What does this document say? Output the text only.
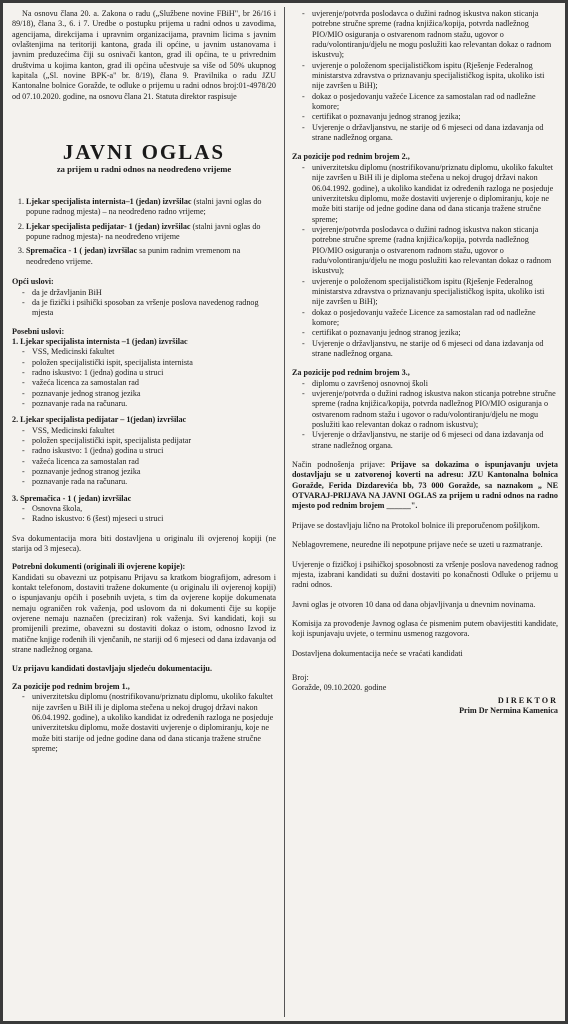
Na osnovu člana 20. a. Zakona o radu („Službene novine FBiH", br 26/16 i 89/18), člana 3., 6. i 7. Uredbe o postupku prijema u radni odnos u zavodima, agencijama, direkcijama i upravnim organizacijama, pravnim licima s javnim ovlaštenjima na teritoriji kantona, grada ili općine, u javnim ustanovama i javnim preduzećima čiji su osnivači kanton, grad ili općina, te u privrednim društvima u kojima kanton, grad ili općina učestvuje sa više od 50% ukupnog kapitala („Sl. novine BPK-a" br. 8/19), člana 9. Pravilnika o radu JZU Kantonalne bolnice Goražde, te odluke o prijemu u radni odnos broj:01-4978/20 od 07.10.2020. godine, na osnovu člana 21. Statuta direktor raspisuje

JAVNI OGLAS
za prijem u radni odnos na neodređeno vrijeme
1. Ljekar specijalista internista–1 (jedan) izvršilac (stalni javni oglas do popune radnog mjesta) – na neodređeno radno vrijeme;
2. Ljekar specijalista pedijatar- 1 (jedan) izvršilac (stalni javni oglas do popune radnog mjesta)- na neodređeno vrijeme
3. Spremačica - 1 ( jedan) izvršilac sa punim radnim vremenom na neodređeno vrijeme.
Opći uslovi:
- da je državljanin BiH
- da je fizički i psihički sposoban za vršenje poslova navedenog radnog mjesta
Posebni uslovi:
1. Ljekar specijalista internista –1 (jedan) izvršilac
- VSS, Medicinski fakultet
- položen specijalistički ispit, specijalista internista
- radno iskustvo: 1 (jedna) godina u struci
- važeća licenca za samostalan rad
- poznavanje jednog stranog jezika
- poznavanje rada na računaru.
2. Ljekar specijalista pedijatar – 1(jedan) izvršilac
- VSS, Medicinski fakultet
- položen specijalistički ispit, specijalista pedijatar
- radno iskustvo: 1 (jedna) godina u struci
- važeća licenca za samostalan rad
- poznavanje jednog stranog jezika
- poznavanje rada na računaru.
3. Spremačica - 1 ( jedan) izvršilac
- Osnovna škola,
- Radno iskustvo: 6 (šest) mjeseci u struci

Sva dokumentacija mora biti dostavljena u originalu ili ovjerenoj kopiji (ne starija od 3 mjeseca).

Potrebni dokumenti (originali ili ovjerene kopije):

Kandidati su obavezni uz potpisanu Prijavu sa kratkom biografijom, adresom i kontakt telefonom, dostaviti tražene dokumente (u originalu ili ovjerenoj kopiji) o ispunjavanju općih i posebnih uvjeta, s tim da ovjerene kopije dokumenata nemaju ograničen rok važenja, pod uslovom da ni dokumenti čije su kopije ovjerene nemaju naznačen (preciziran) rok važenja. Svi kandidati, koji su promijenili prezime, obavezni su dostaviti dokaz o istom, odnosno Izvod iz matične knjige rođenih ili vjenčanih, ne stariji od 6 mjeseci od dana izdavanja od strane nadležnog organa.

Uz prijavu kandidati dostavljaju sljedeću dokumentaciju.
Za pozicije pod rednim brojem 1.,
- univerzitetsku diplomu (nostrifikovanu/priznatu diplomu, ukoliko fakultet nije završen u BiH ili je diploma stečena u nekoj drugoj državi nakon 06.04.1992. godine), a ukoliko kandidat iz određenih razloga ne posjeduje univerzitetsku diplomu, može dostaviti uvjerenje o diplomiranju, koje ne može biti starije od jedne godine dana od dana sticanja tražene stručne spreme;
- uvjerenje/potvrda poslodavca o dužini radnog iskustva nakon sticanja potrebne stručne spreme (radna knjižica/kopija, potvrda nadležnog PIO/MIO osiguranja o ostvarenom radnom stažu, ugovor o radu/volontiranju/djelu ne mogu poslužiti kao relevantan dokaz o radnom iskustvu);
- uvjerenje o položenom specijalističkom ispitu (Rješenje Federalnog ministarstva zdravstva o priznavanju specijalističkog ispita, ukoliko isti nije završen u BiH);
- dokaz o posjedovanju važeće Licence za samostalan rad od nadležne komore;
- certifikat o poznavanju jednog stranog jezika;
- Uvjerenje o državljanstvu, ne starije od 6 mjeseci od dana izdavanja od strane nadležnog organa.
Za pozicije pod rednim brojem 2.,
- univerzitetsku diplomu (nostrifikovanu/priznatu diplomu, ukoliko fakultet nije završen u BiH ili je diploma stečena u nekoj drugoj državi nakon 06.04.1992. godine), a ukoliko kandidat iz određenih razloga ne posjeduje univerzitetsku diplomu, može dostaviti uvjerenje o diplomiranju, koje ne može biti starije od jedne godine dana od dana sticanja tražene stručne spreme;
- uvjerenje/potvrda poslodavca o dužini radnog iskustva nakon sticanja potrebne stručne spreme (radna knjižica/kopija, potvrda nadležnog PIO/MIO osiguranja o ostvarenom radnom stažu, ugovor o radu/volontiranju/djelu ne mogu poslužiti kao relevantan dokaz o radnom iskustvu);
- uvjerenje o položenom specijalističkom ispitu (Rješenje Federalnog ministarstva zdravstva o priznavanju specijalističkog ispita, ukoliko isti nije završen u BiH);
- dokaz o posjedovanju važeće Licence za samostalan rad od nadležne komore;
- certifikat o poznavanju jednog stranog jezika;
- Uvjerenje o državljanstvu, ne starije od 6 mjeseci od dana izdavanja od strane nadležnog organa.
Za pozicije pod rednim brojem 3.,
- diplomu o završenoj osnovnoj školi
- uvjerenje/potvrda o dužini radnog iskustva nakon sticanja potrebne stručne spreme (radna knjižica/kopija, potvrda nadležnog PIO/MIO osiguranja o ostvarenom radnom stažu i ugovor o radu/volontiranju/djelu ne mogu poslužiti kao relevantan dokaz o radnom iskustvu);
- Uvjerenje o državljanstvu, ne starije od 6 mjeseci od dana izdavanja od strane nadležnog organa.

Način podnošenja prijave: Prijave sa dokazima o ispunjavanju uvjeta dostavljaju se u zatvorenoj koverti na adresu: JZU Kantonalna bolnica Goražde, Ferida Dizdarevića bb, 73 000 Goražde, sa naznakom „ NE OTVARAJ-PRIJAVA NA JAVNI OGLAS za prijem u radni odnos na radno mjesto pod rednim brojem ______".

Prijave se dostavljaju lično na Protokol bolnice ili preporučenom pošiljkom.

Neblagovremene, neuredne ili nepotpune prijave neće se uzeti u razmatranje.

Uvjerenje o fizičkoj i psihičkoj sposobnosti za vršenje poslova navedenog radnog mjesta, izabrani kandidati su dužni dostaviti po konačnosti Odluke o prijemu u radni odnos.

Javni oglas je otvoren 10 dana od dana objavljivanja u dnevnim novinama.

Komisija za provođenje Javnog oglasa će pismenim putem obavijestiti kandidate, koji ispunjavaju uvjete, o terminu usmenog razgovora.

Dostavljena dokumentacija neće se vraćati kandidati

Broj:
Goražde, 09.10.2020. godine
DIREKTOR
Prim Dr Nermina Kamenica
